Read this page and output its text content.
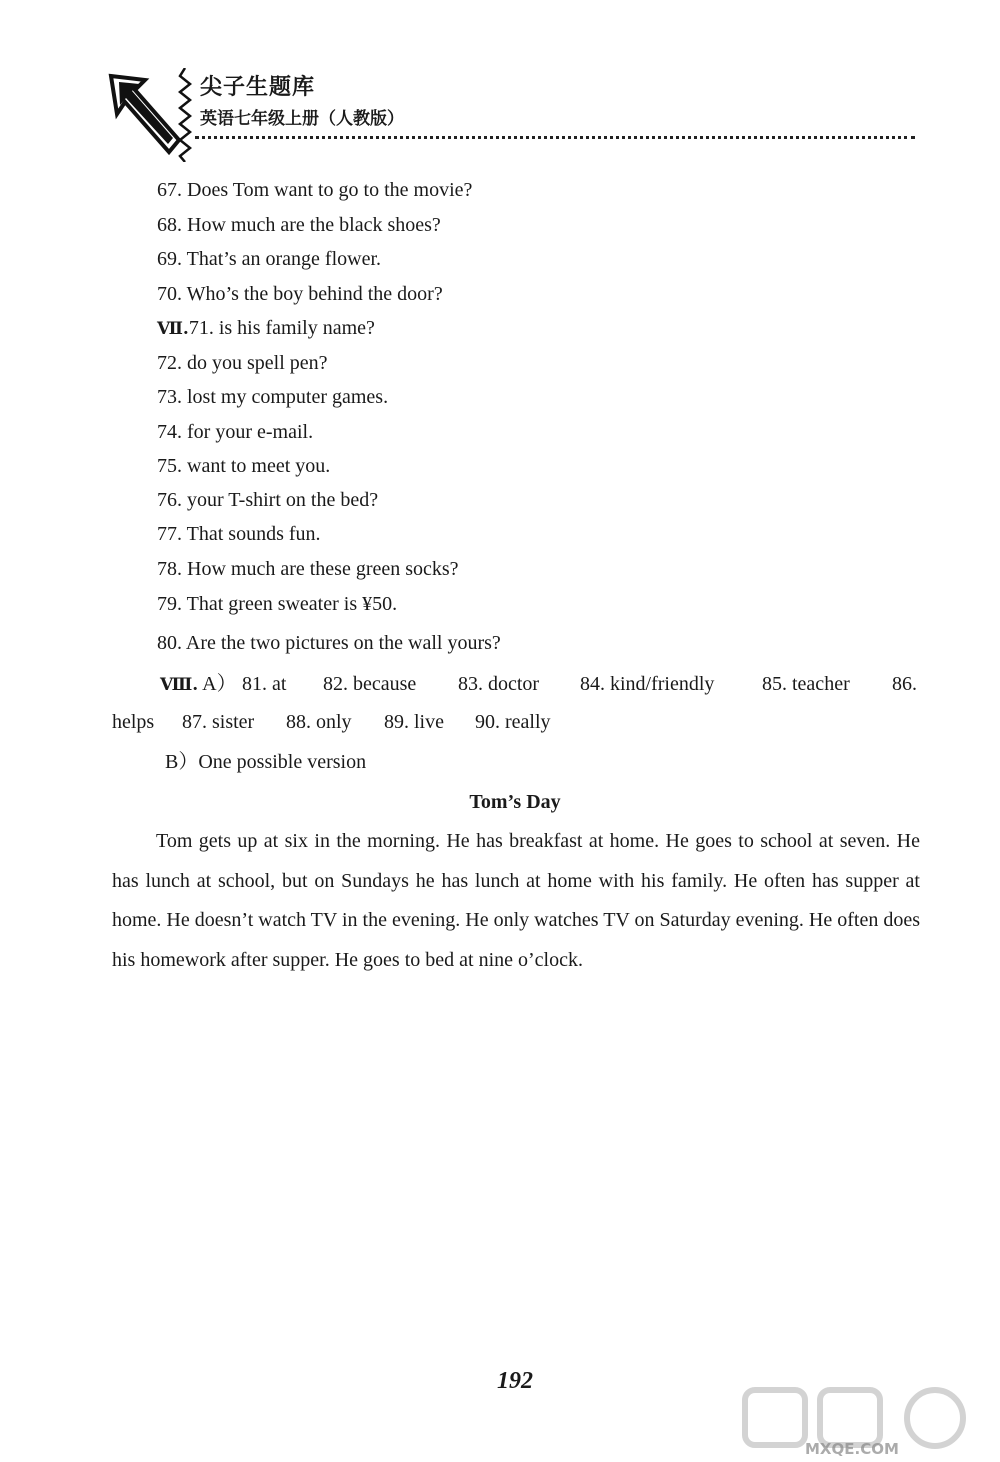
尖子生题库
英语七年级上册（人教版）
67. Does Tom want to go to the movie?
68. How much are the black shoes?
69. That’s an orange flower.
70. Who’s the boy behind the door?
Ⅶ.71. is his family name?
72. do you spell pen?
73. lost my computer games.
74. for your e-mail.
75. want to meet you.
76. your T-shirt on the bed?
77. That sounds fun.
78. How much are these green socks?
79. That green sweater is ¥50.
80. Are the two pictures on the wall yours?
Ⅷ. A） 81. at 82. because 83. doctor 84. kind/friendly 85. teacher 86.
helps 87. sister 88. only 89. live 90. really
B）One possible version
Tom’s Day
Tom gets up at six in the morning. He has breakfast at home. He goes to school at seven. He has lunch at school, but on Sundays he has lunch at home with his family. He often has supper at home. He doesn’t watch TV in the evening. He only watches TV on Saturday evening. He often does his homework after supper. He goes to bed at nine o’clock.
192
MXQE.COM
